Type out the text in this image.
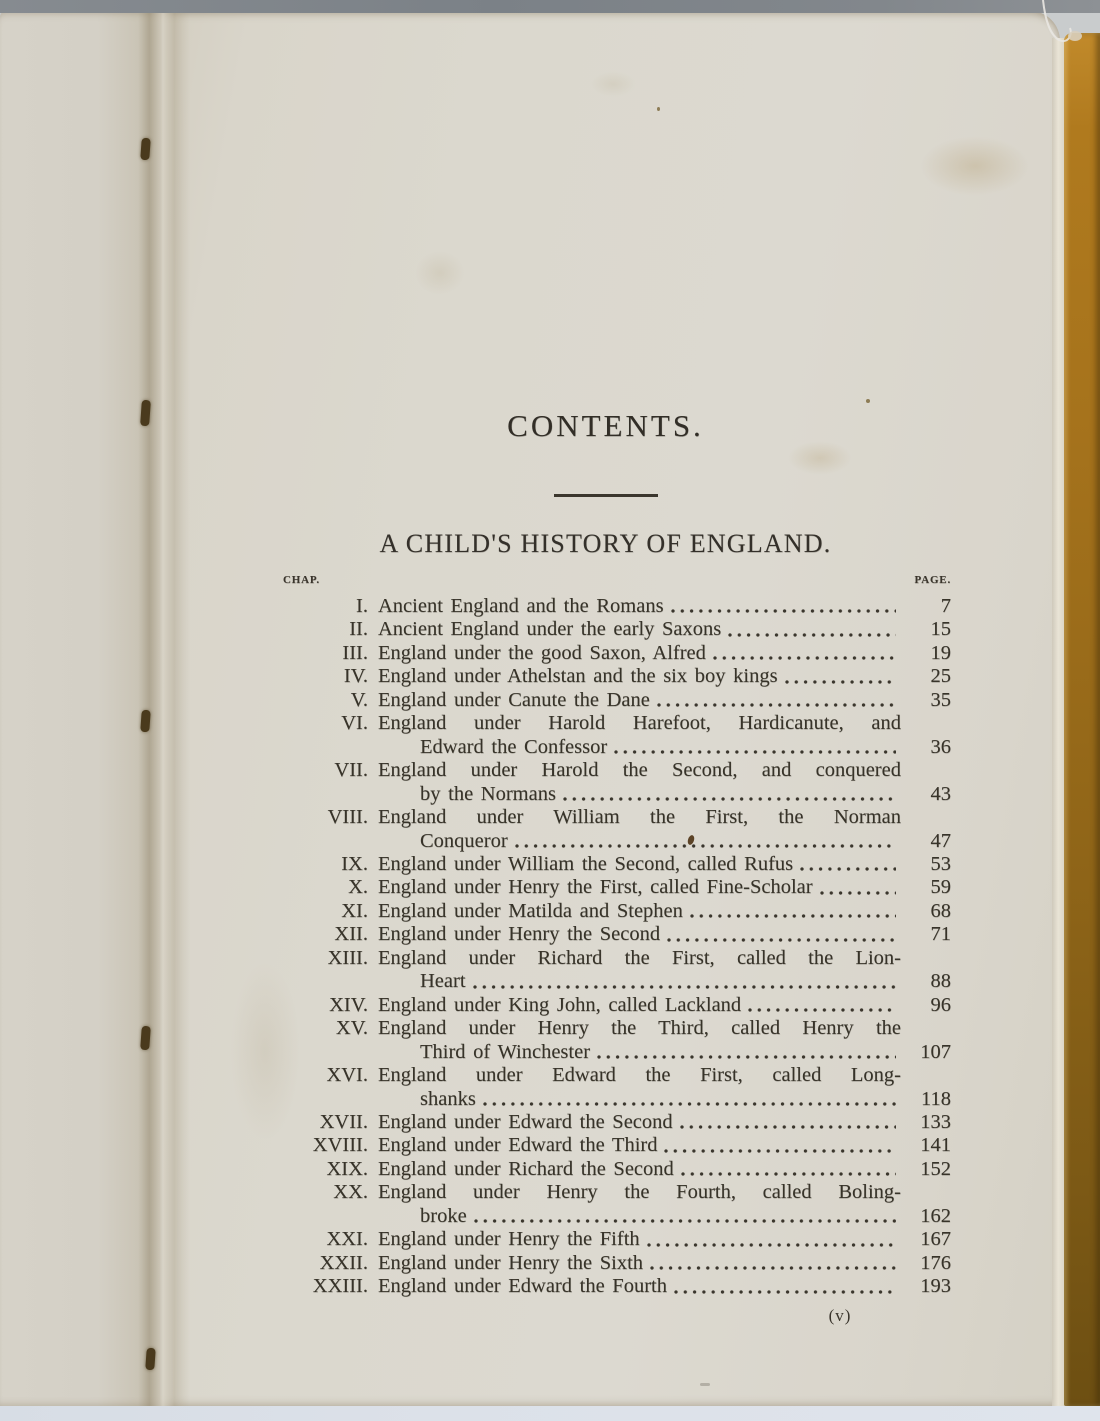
CONTENTS.
A CHILD'S HISTORY OF ENGLAND.
CHAP.	PAGE.
I. Ancient England and the Romans	7
II. Ancient England under the early Saxons	15
III. England under the good Saxon, Alfred	19
IV. England under Athelstan and the six boy kings	25
V. England under Canute the Dane	35
VI. England under Harold Harefoot, Hardicanute, and
Edward the Confessor	36
VII. England under Harold the Second, and conquered
by the Normans	43
VIII. England under William the First, the Norman
Conqueror	47
IX. England under William the Second, called Rufus	53
X. England under Henry the First, called Fine-Scholar	59
XI. England under Matilda and Stephen	68
XII. England under Henry the Second	71
XIII. England under Richard the First, called the Lion-
Heart	88
XIV. England under King John, called Lackland	96
XV. England under Henry the Third, called Henry the
Third of Winchester	107
XVI. England under Edward the First, called Long-
shanks	118
XVII. England under Edward the Second	133
XVIII. England under Edward the Third	141
XIX. England under Richard the Second	152
XX. England under Henry the Fourth, called Boling-
broke	162
XXI. England under Henry the Fifth	167
XXII. England under Henry the Sixth	176
XXIII. England under Edward the Fourth	193
(v)
